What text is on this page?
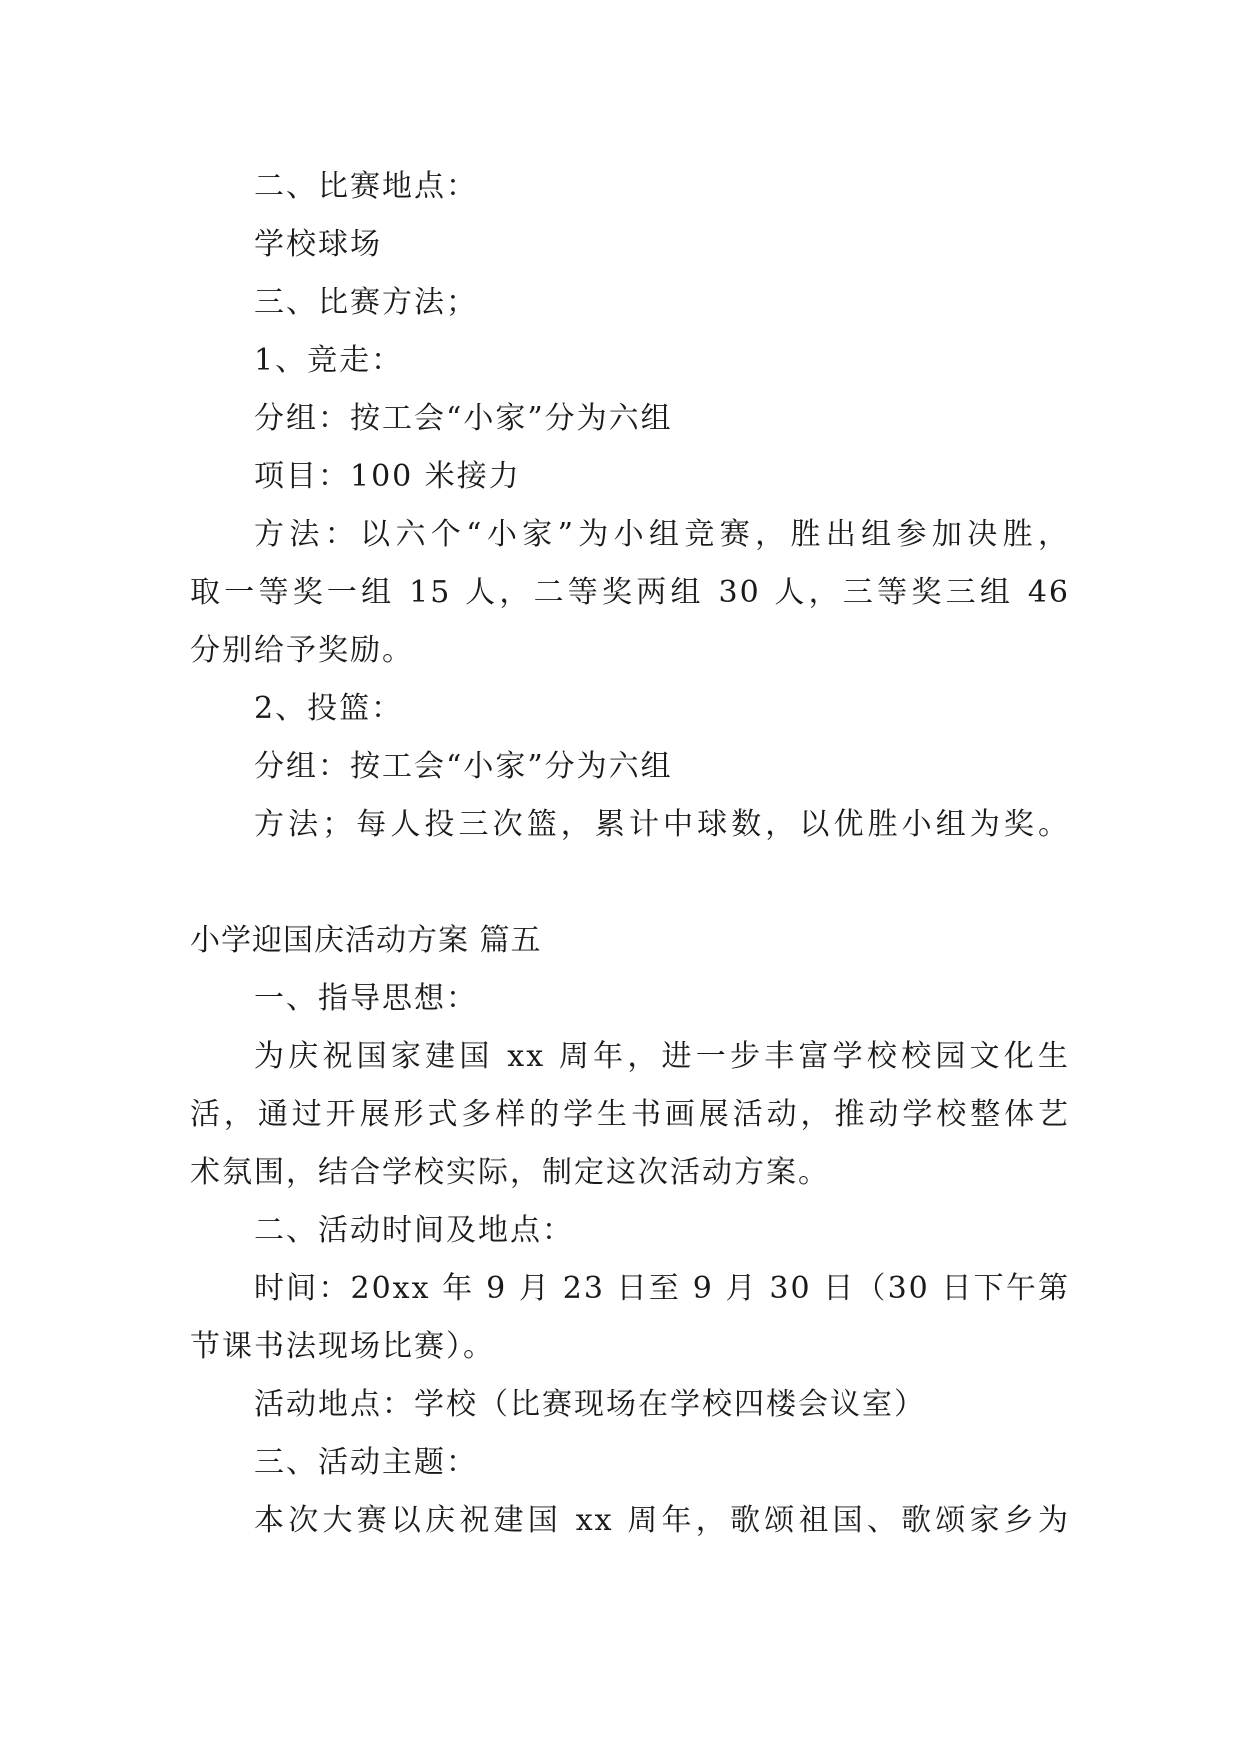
二、比赛地点：

学校球场

三、比赛方法；

1、竞走：

分组：按工会“小家”分为六组

项目：100 米接力

方法：以六个“小家”为小组竞赛，胜出组参加决胜，

取一等奖一组 15 人，二等奖两组 30 人，三等奖三组 46

分别给予奖励。

2、投篮：

分组：按工会“小家”分为六组

方法；每人投三次篮，累计中球数，以优胜小组为奖。

小学迎国庆活动方案 篇五

一、指导思想：

为庆祝国家建国 xx 周年，进一步丰富学校校园文化生

活，通过开展形式多样的学生书画展活动，推动学校整体艺

术氛围，结合学校实际，制定这次活动方案。

二、活动时间及地点：

时间：20xx 年 9 月 23 日至 9 月 30 日（30 日下午第

节课书法现场比赛）。

活动地点：学校（比赛现场在学校四楼会议室）

三、活动主题：

本次大赛以庆祝建国 xx 周年，歌颂祖国、歌颂家乡为
